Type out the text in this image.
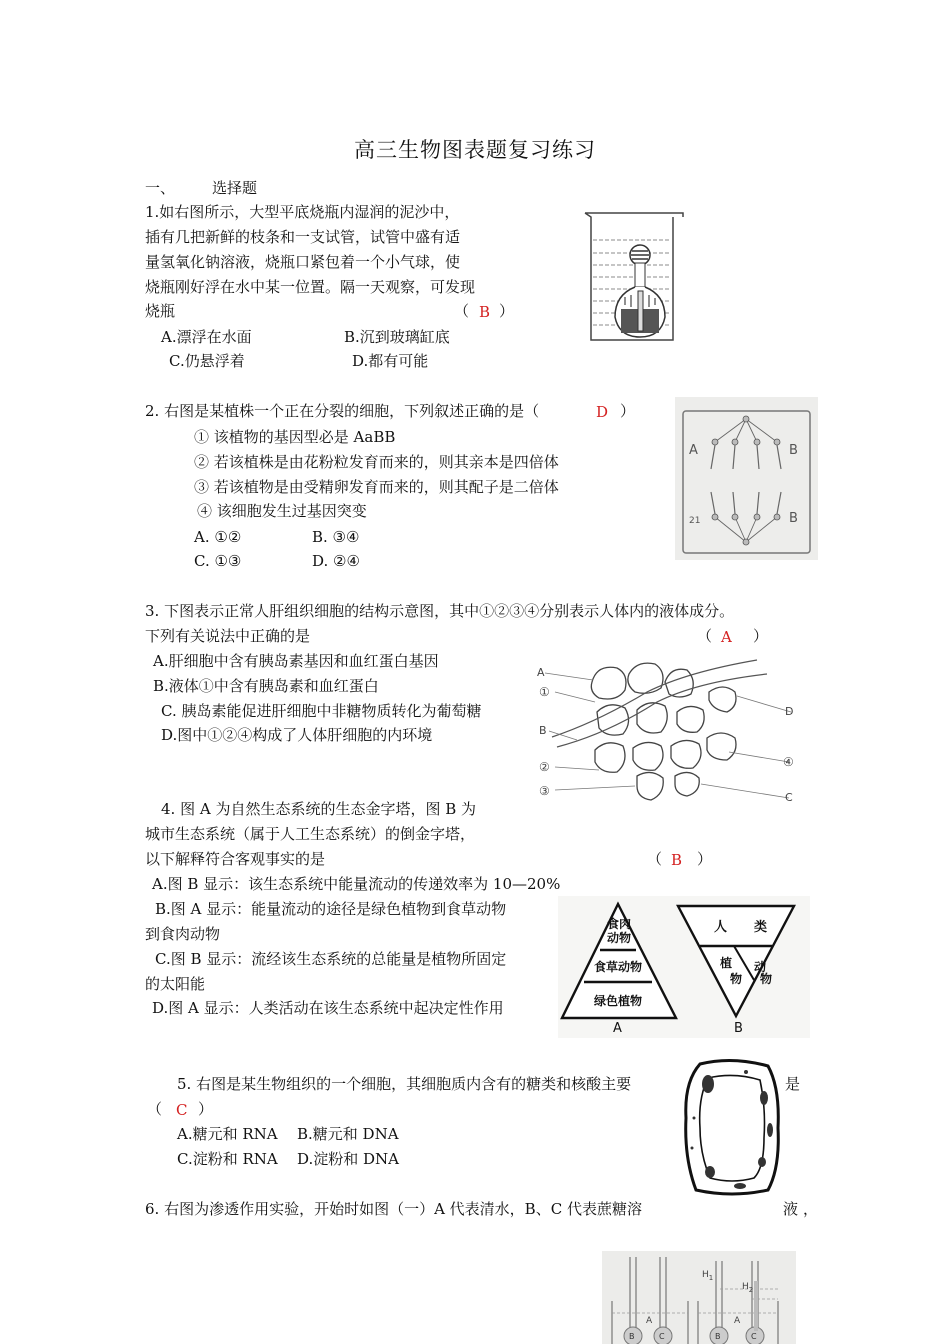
高三生物图表题复习练习
一、 选择题
1.如右图所示，大型平底烧瓶内湿润的泥沙中，
插有几把新鲜的枝条和一支试管，试管中盛有适
量氢氧化钠溶液，烧瓶口紧包着一个小气球，使
烧瓶刚好浮在水中某一位置。隔一天观察，可发现
烧瓶	（ B ）
A.漂浮在水面	B.沉到玻璃缸底
C.仍悬浮着	D.都有可能
2. 右图是某植株一个正在分裂的细胞，下列叙述正确的是（	D ）
① 该植物的基因型必是 AaBB
② 若该植株是由花粉粒发育而来的，则其亲本是四倍体
③ 若该植物是由受精卵发育而来的，则其配子是二倍体
④ 该细胞发生过基因突变
A. ①②	B. ③④
C. ①③	D. ②④
A	B
21	B
3. 下图表示正常人肝组织细胞的结构示意图，其中①②③④分别表示人体内的液体成分。
下列有关说法中正确的是	（ A ）
A.肝细胞中含有胰岛素基因和血红蛋白基因
B.液体①中含有胰岛素和血红蛋白
C. 胰岛素能促进肝细胞中非糖物质转化为葡萄糖
D.图中①②④构成了人体肝细胞的内环境
A
①
B
②
③
D
④
C
4. 图 A 为自然生态系统的生态金字塔，图 B 为
城市生态系统（属于人工生态系统）的倒金字塔，
以下解释符合客观事实的是	（ B ）
A.图 B 显示：该生态系统中能量流动的传递效率为 10—20%
B.图 A 显示：能量流动的途径是绿色植物到食草动物
到食肉动物
C.图 B 显示：流经该生态系统的总能量是植物所固定
的太阳能
D.图 A 显示：人类活动在该生态系统中起决定性作用
食肉
动物
食草动物
绿色植物
A
人 类
植
物
动
物
B
5. 右图是某生物组织的一个细胞，其细胞质内含有的糖类和核酸主要	是
（ C ）
A.糖元和 RNA B.糖元和 DNA
C.淀粉和 RNA D.淀粉和 DNA
6. 右图为渗透作用实验，开始时如图（一）A 代表清水，B、C 代表蔗糖溶	液 ，
$H_1$
$H_2$
A	A
B	C	B	C
